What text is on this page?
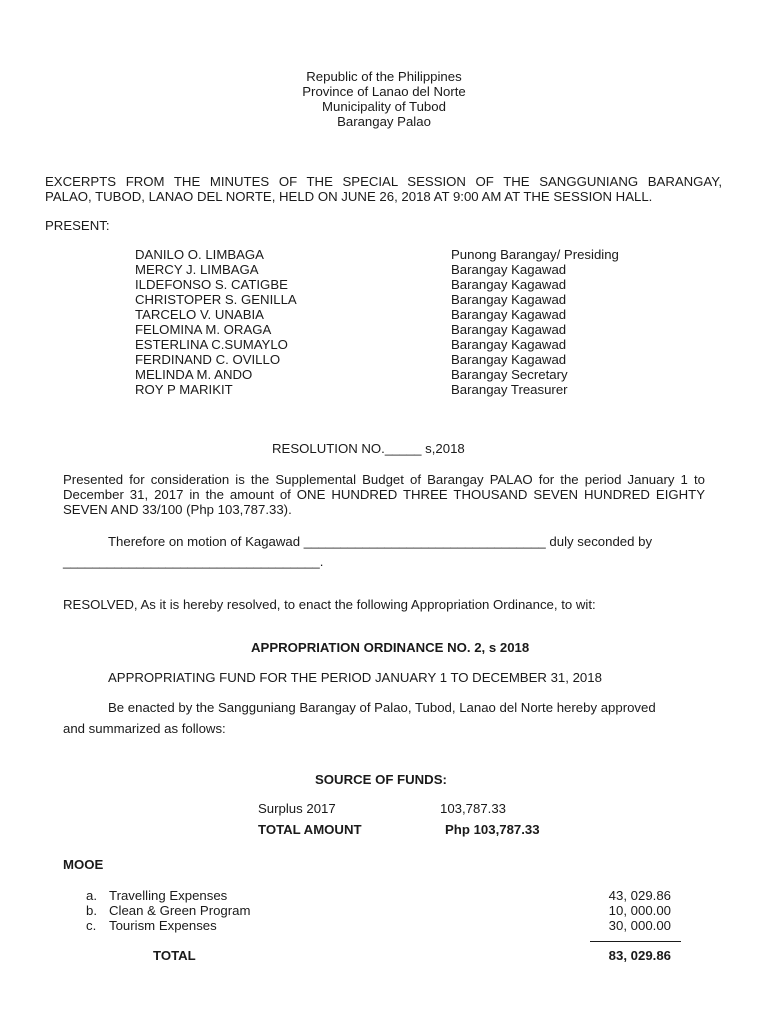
Republic of the Philippines
Province of Lanao del Norte
Municipality of Tubod
Barangay Palao
EXCERPTS FROM THE MINUTES OF THE SPECIAL SESSION OF THE SANGGUNIANG BARANGAY,
PALAO, TUBOD, LANAO DEL NORTE, HELD ON JUNE 26, 2018 AT 9:00 AM AT THE SESSION HALL.
PRESENT:
DANILO O. LIMBAGA	Punong Barangay/ Presiding
MERCY J. LIMBAGA	Barangay Kagawad
ILDEFONSO S. CATIGBE	Barangay Kagawad
CHRISTOPER S. GENILLA	Barangay Kagawad
TARCELO V. UNABIA	Barangay Kagawad
FELOMINA M. ORAGA	Barangay Kagawad
ESTERLINA C.SUMAYLO	Barangay Kagawad
FERDINAND C. OVILLO	Barangay Kagawad
MELINDA M. ANDO	Barangay Secretary
ROY P MARIKIT	Barangay Treasurer
RESOLUTION NO._____ s,2018
Presented for consideration is the Supplemental Budget of Barangay PALAO for the period January 1 to
December 31, 2017 in the amount of ONE HUNDRED THREE THOUSAND SEVEN HUNDRED EIGHTY
SEVEN AND 33/100 (Php 103,787.33).
Therefore on motion of Kagawad _________________________________ duly seconded by
___________________________________.
RESOLVED, As it is hereby resolved, to enact the following Appropriation Ordinance, to wit:
APPROPRIATION ORDINANCE NO. 2, s 2018
APPROPRIATING FUND FOR THE PERIOD JANUARY 1 TO DECEMBER 31, 2018
Be enacted by the Sangguniang Barangay of Palao, Tubod, Lanao del Norte hereby approved
and summarized as follows:
SOURCE OF FUNDS:
Surplus 2017	103,787.33
TOTAL AMOUNT	Php 103,787.33
MOOE
a. Travelling Expenses	43, 029.86
b. Clean & Green Program	10, 000.00
c. Tourism Expenses	30, 000.00
TOTAL	83, 029.86
